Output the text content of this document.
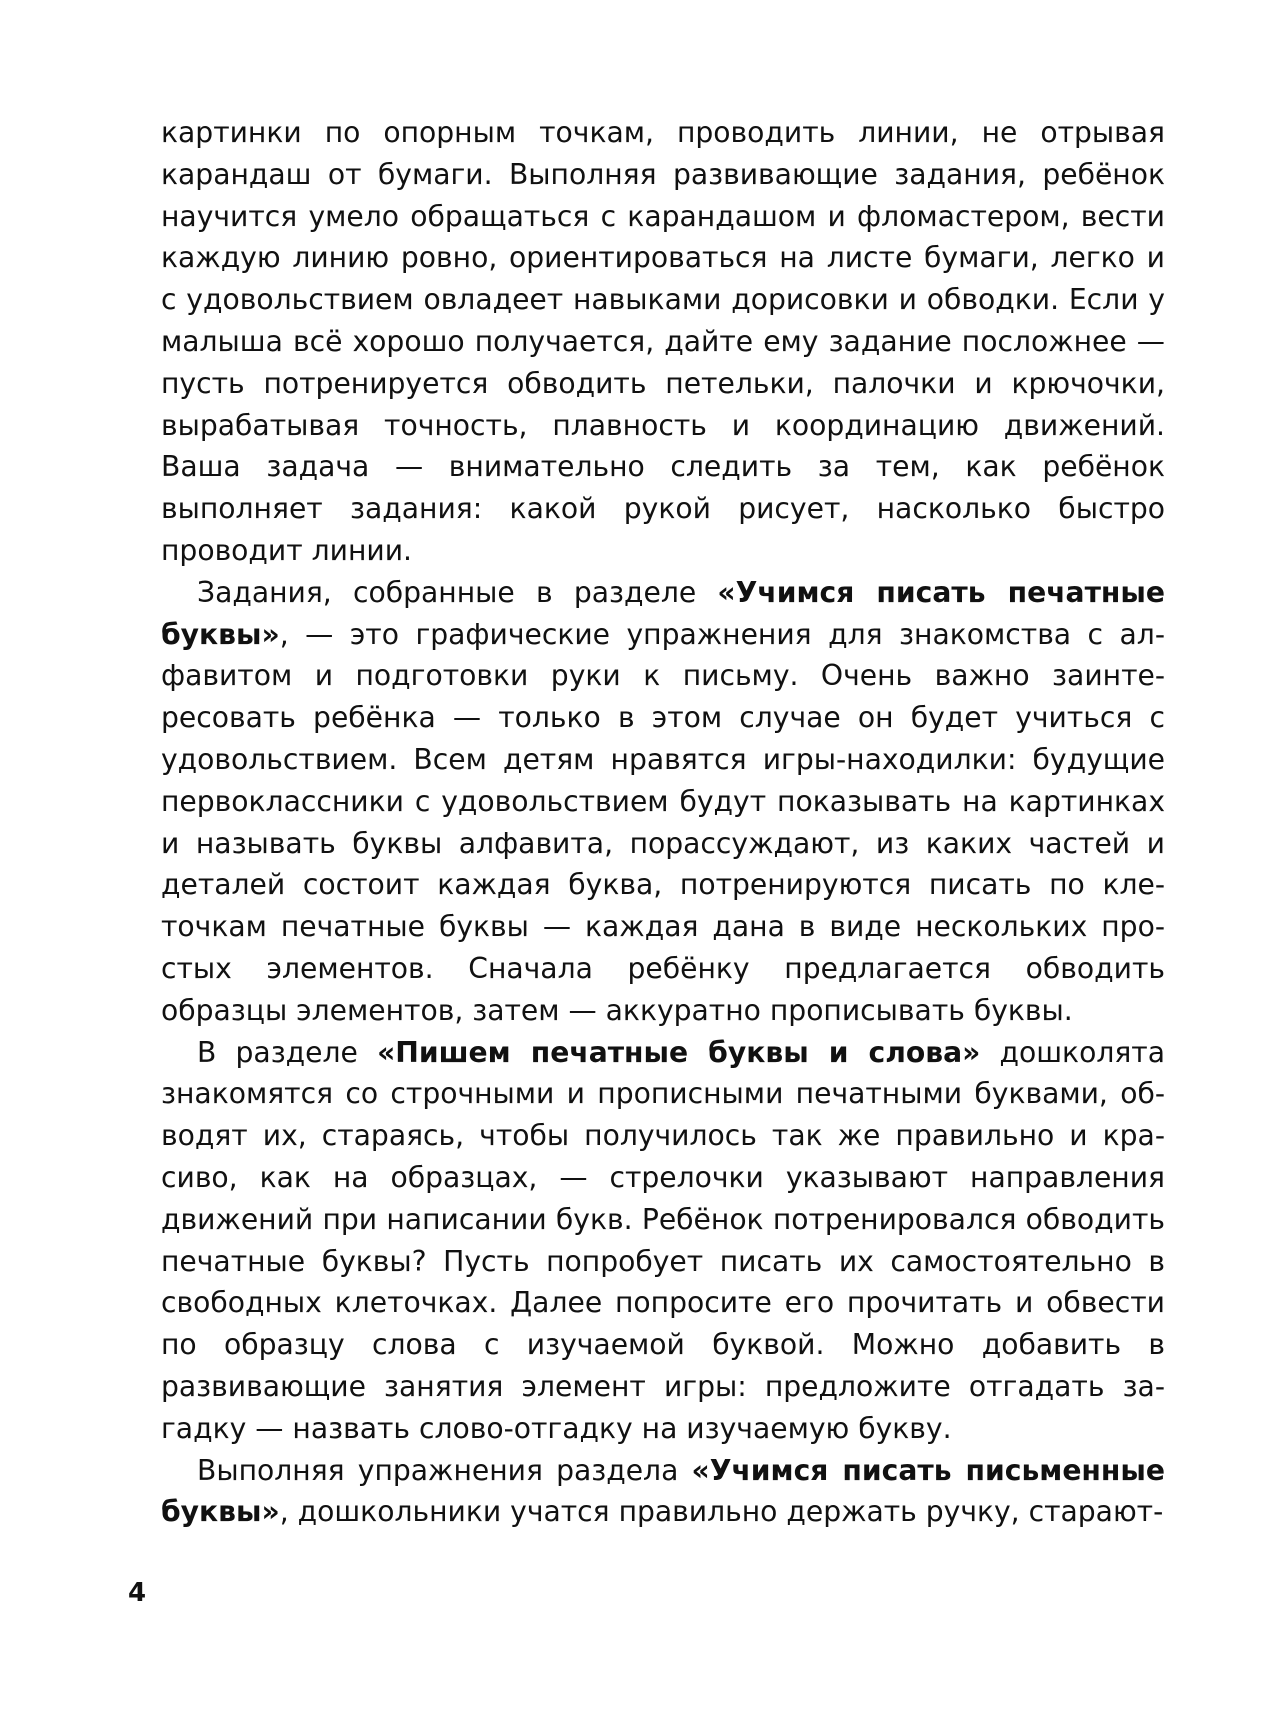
картинки по опорным точкам, проводить линии, не отрывая карандаш от бумаги. Выполняя развивающие задания, ребёнок научится умело обращаться с карандашом и фломастером, вести каждую линию ровно, ориентироваться на листе бумаги, легко и с удовольствием овладеет навыками дорисовки и обводки. Если у малыша всё хорошо получается, дайте ему задание посложнее — пусть потренируется обводить петельки, палочки и крючочки, вырабатывая точность, плавность и координацию движений. Ваша задача — внимательно следить за тем, как ребёнок выполняет задания: какой рукой рисует, насколько быстро проводит линии.

Задания, собранные в разделе «Учимся писать печатные буквы», — это графические упражнения для знакомства с алфавитом и подготовки руки к письму. Очень важно заинтересовать ребёнка — только в этом случае он будет учиться с удовольствием. Всем детям нравятся игры-находилки: будущие первоклассники с удовольствием будут показывать на картинках и называть буквы алфавита, порассуждают, из каких частей и деталей состоит каждая буква, потренируются писать по клеточкам печатные буквы — каждая дана в виде нескольких простых элементов. Сначала ребёнку предлагается обводить образцы элементов, затем — аккуратно прописывать буквы.

В разделе «Пишем печатные буквы и слова» дошколята знакомятся со строчными и прописными печатными буквами, обводят их, стараясь, чтобы получилось так же правильно и красиво, как на образцах, — стрелочки указывают направления движений при написании букв. Ребёнок потренировался обводить печатные буквы? Пусть попробует писать их самостоятельно в свободных клеточках. Далее попросите его прочитать и обвести по образцу слова с изучаемой буквой. Можно добавить в развивающие занятия элемент игры: предложите отгадать загадку — назвать слово-отгадку на изучаемую букву.

Выполняя упражнения раздела «Учимся писать письменные буквы», дошкольники учатся правильно держать ручку, старают-

4
